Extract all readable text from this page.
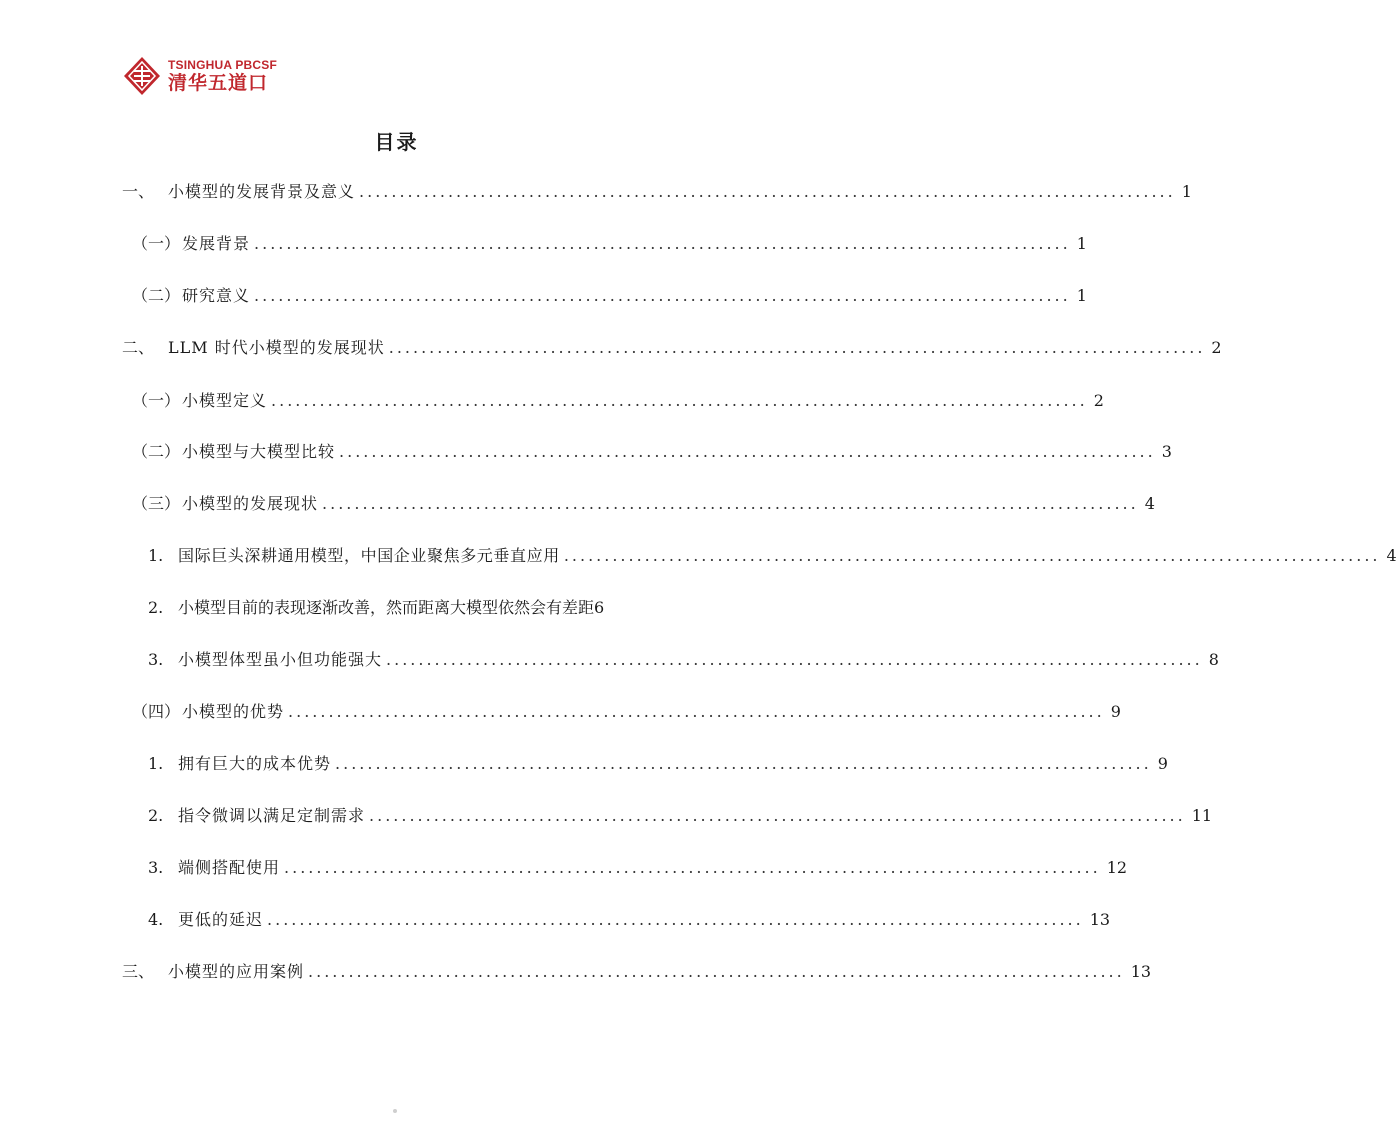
TSINGHUA PBCSF
清华五道口
目录
一、 小模型的发展背景及意义 ..................................................................................................... 1
（一） 发展背景 ..................................................................................................... 1
（二） 研究意义 ..................................................................................................... 1
二、 LLM 时代小模型的发展现状 ..................................................................................................... 2
（一） 小模型定义 ..................................................................................................... 2
（二） 小模型与大模型比较 ..................................................................................................... 3
（三） 小模型的发展现状 ..................................................................................................... 4
1. 国际巨头深耕通用模型，中国企业聚焦多元垂直应用 ..................................................................................................... 4
2. 小模型目前的表现逐渐改善，然而距离大模型依然会有差距 6
3. 小模型体型虽小但功能强大 ..................................................................................................... 8
（四） 小模型的优势 ..................................................................................................... 9
1. 拥有巨大的成本优势 ..................................................................................................... 9
2. 指令微调以满足定制需求 ..................................................................................................... 11
3. 端侧搭配使用 ..................................................................................................... 12
4. 更低的延迟 ..................................................................................................... 13
三、 小模型的应用案例 ..................................................................................................... 13
